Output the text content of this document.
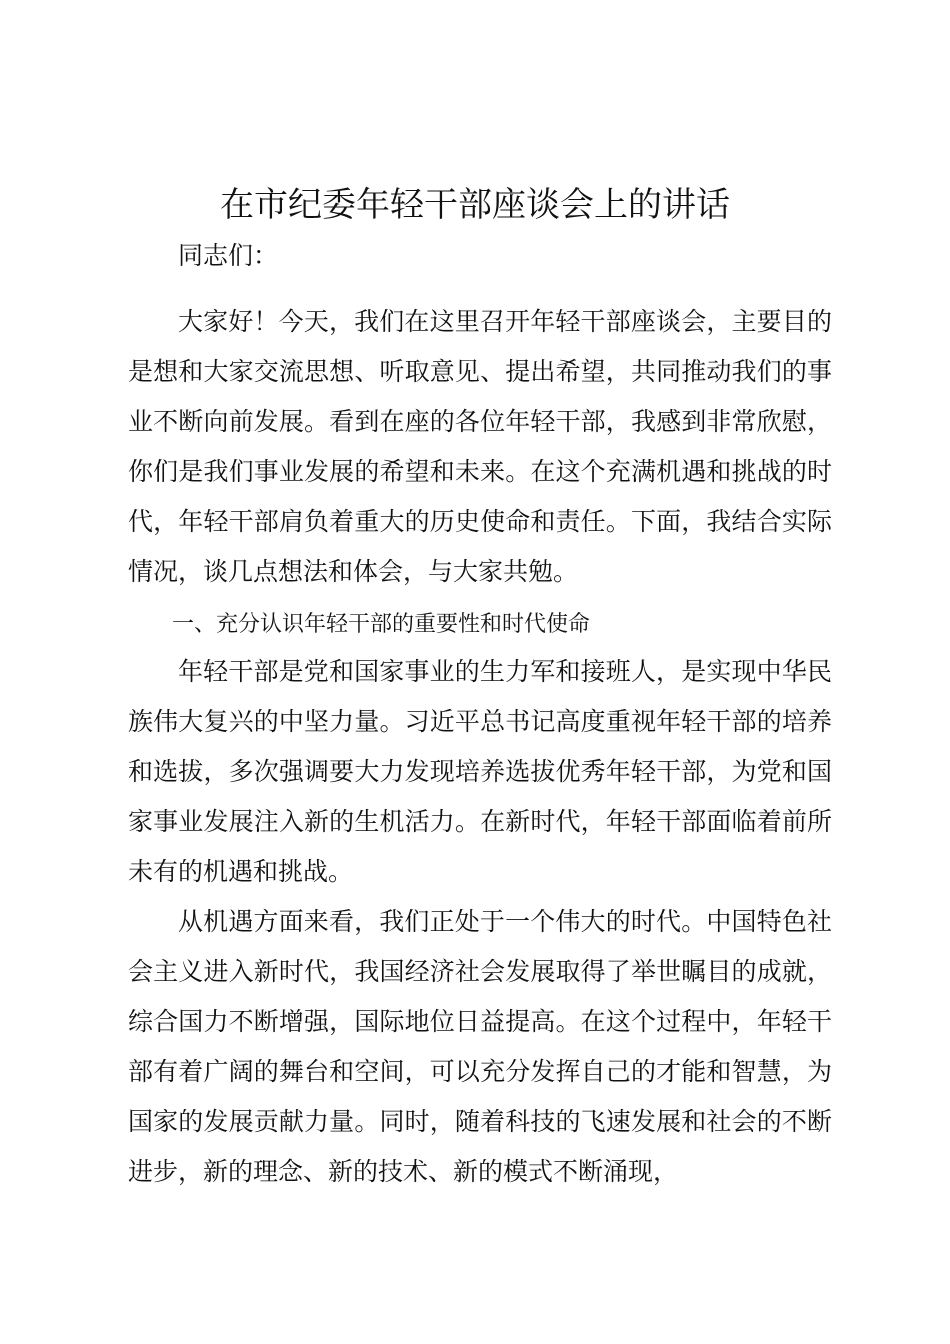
在市纪委年轻干部座谈会上的讲话

同志们：

大家好！今天，我们在这里召开年轻干部座谈会，主要目的是想和大家交流思想、听取意见、提出希望，共同推动我们的事业不断向前发展。看到在座的各位年轻干部，我感到非常欣慰，你们是我们事业发展的希望和未来。在这个充满机遇和挑战的时代，年轻干部肩负着重大的历史使命和责任。下面，我结合实际情况，谈几点想法和体会，与大家共勉。

一、充分认识年轻干部的重要性和时代使命

年轻干部是党和国家事业的生力军和接班人，是实现中华民族伟大复兴的中坚力量。习近平总书记高度重视年轻干部的培养和选拔，多次强调要大力发现培养选拔优秀年轻干部，为党和国家事业发展注入新的生机活力。在新时代，年轻干部面临着前所未有的机遇和挑战。

从机遇方面来看，我们正处于一个伟大的时代。中国特色社会主义进入新时代，我国经济社会发展取得了举世瞩目的成就，综合国力不断增强，国际地位日益提高。在这个过程中，年轻干部有着广阔的舞台和空间，可以充分发挥自己的才能和智慧，为国家的发展贡献力量。同时，随着科技的飞速发展和社会的不断进步，新的理念、新的技术、新的模式不断涌现，
